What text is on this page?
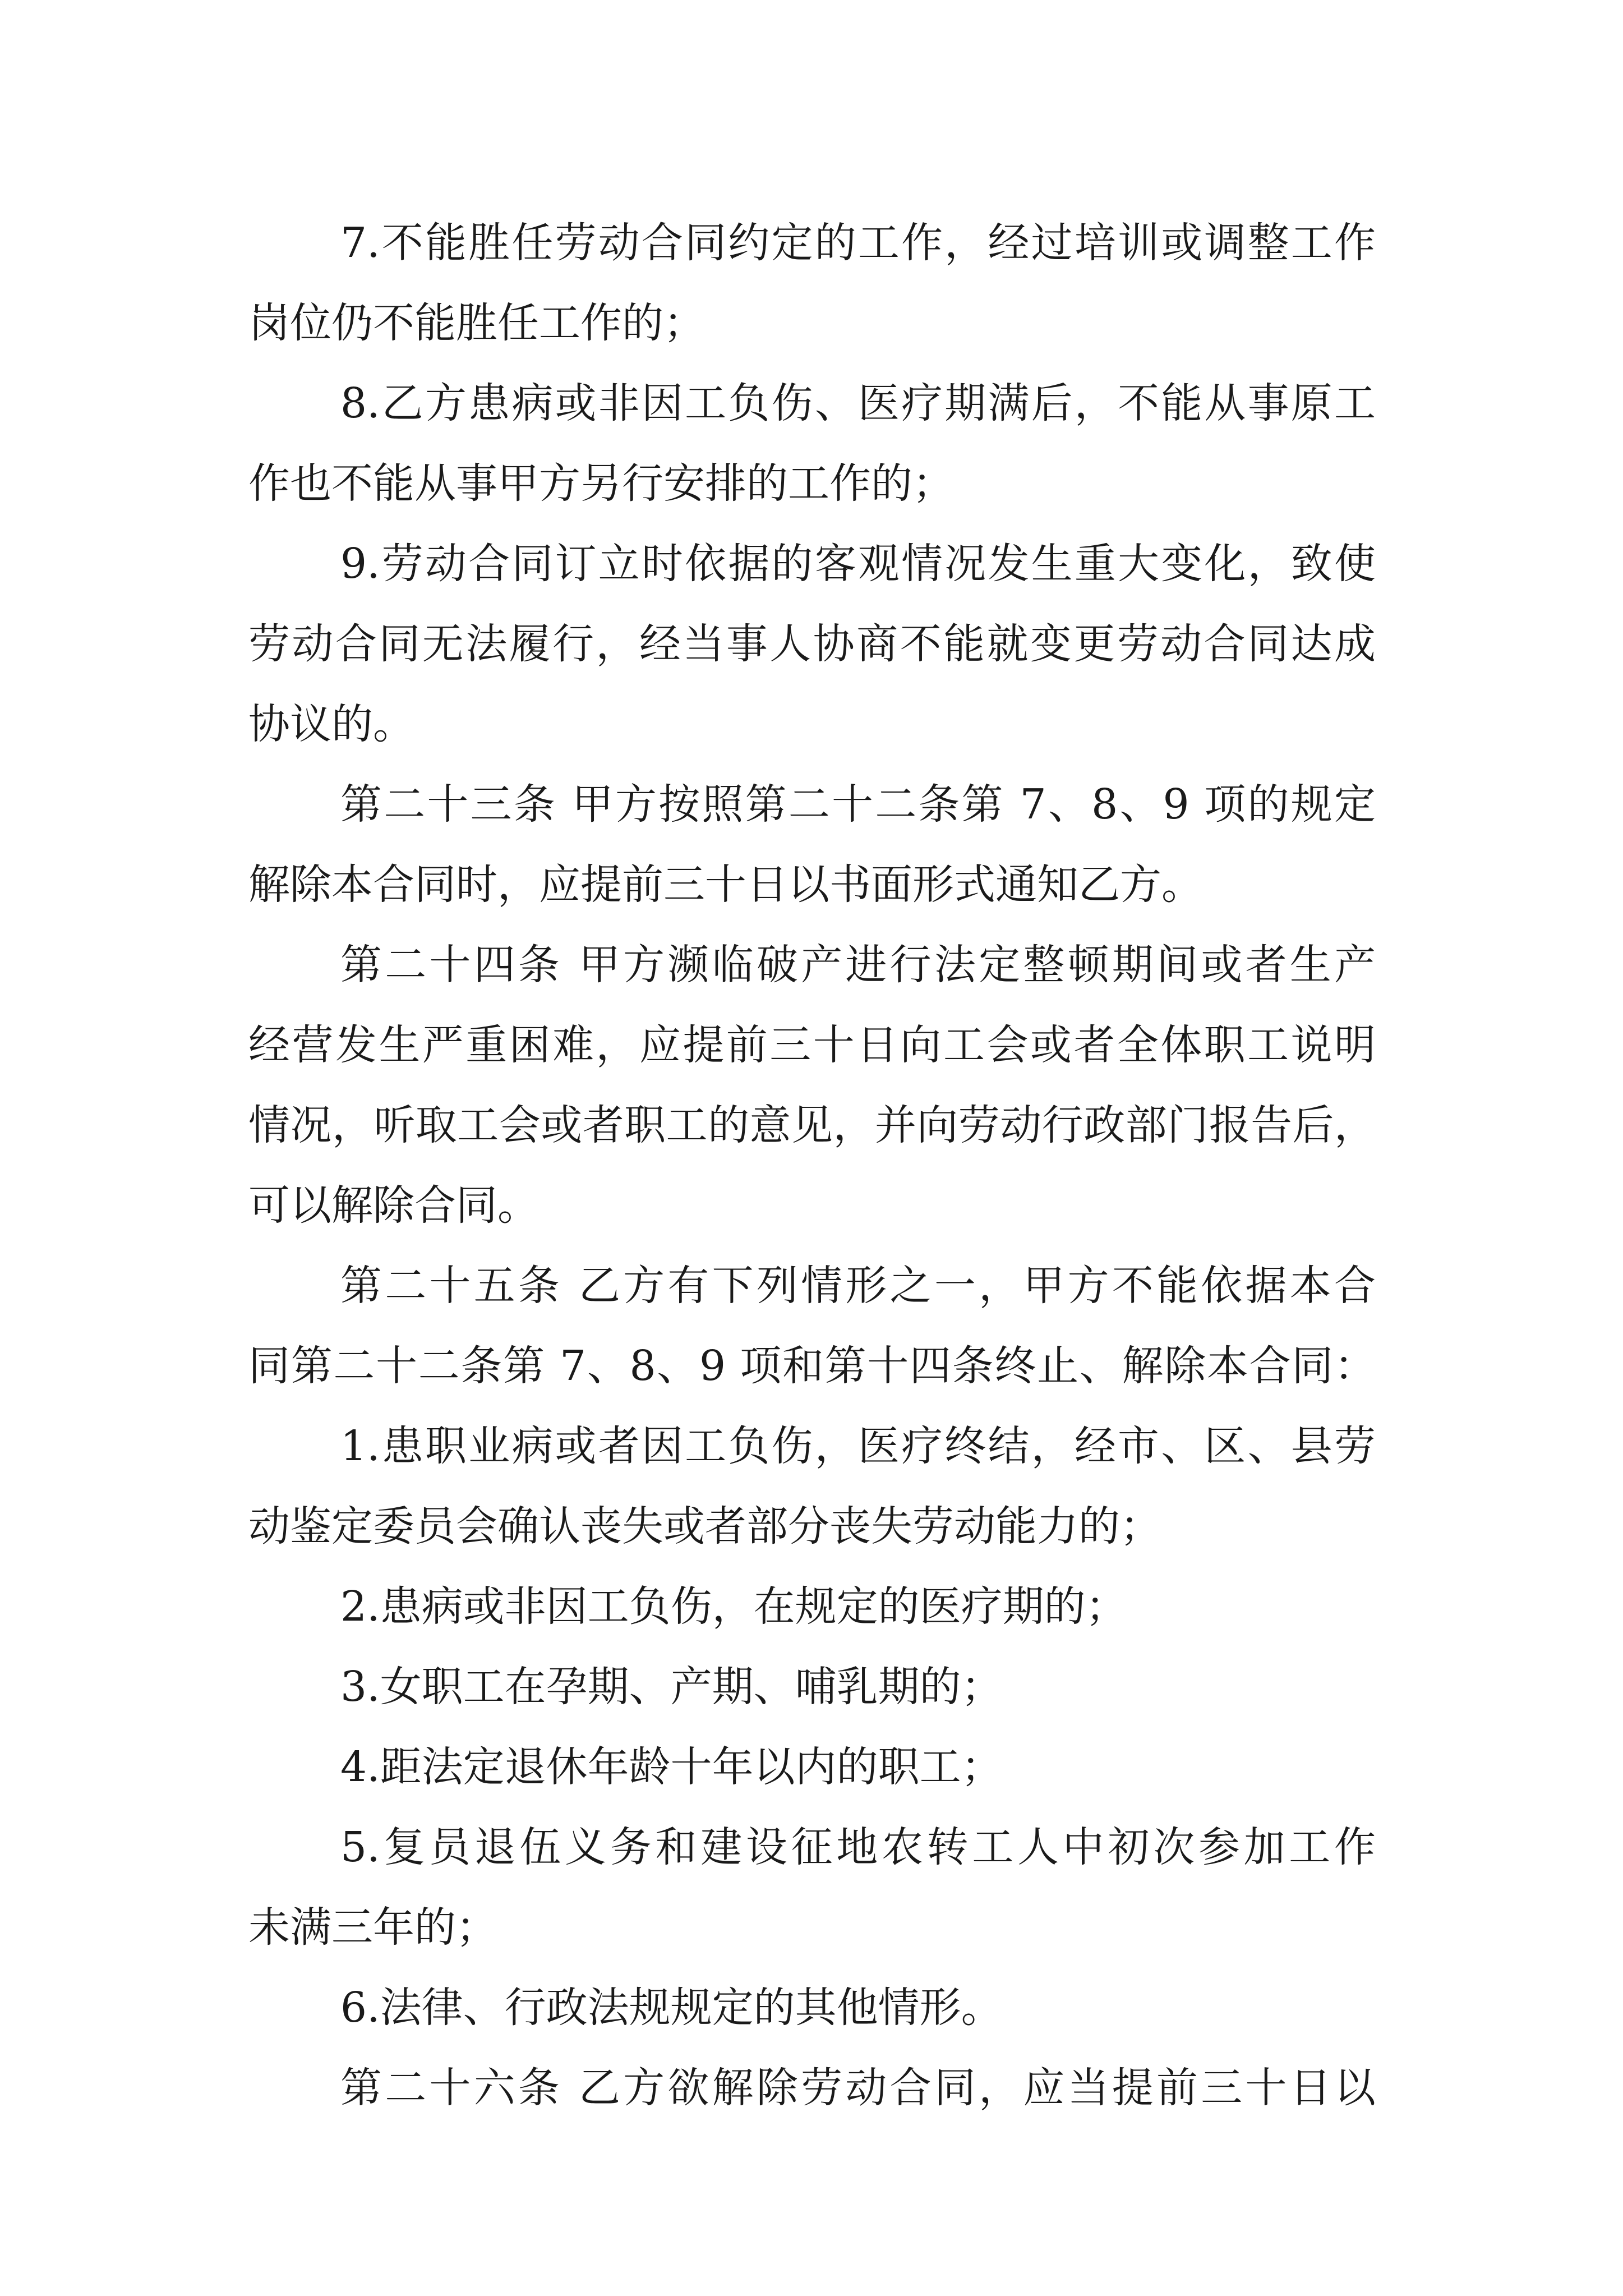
7.不能胜任劳动合同约定的工作，经过培训或调整工作
岗位仍不能胜任工作的；
8.乙方患病或非因工负伤、医疗期满后，不能从事原工
作也不能从事甲方另行安排的工作的；
9.劳动合同订立时依据的客观情况发生重大变化，致使
劳动合同无法履行，经当事人协商不能就变更劳动合同达成
协议的。
第二十三条 甲方按照第二十二条第 7、8、9 项的规定
解除本合同时，应提前三十日以书面形式通知乙方。
第二十四条 甲方濒临破产进行法定整顿期间或者生产
经营发生严重困难，应提前三十日向工会或者全体职工说明
情况，听取工会或者职工的意见，并向劳动行政部门报告后，
可以解除合同。
第二十五条 乙方有下列情形之一，甲方不能依据本合
同第二十二条第 7、8、9 项和第十四条终止、解除本合同：
1.患职业病或者因工负伤，医疗终结，经市、区、县劳
动鉴定委员会确认丧失或者部分丧失劳动能力的；
2.患病或非因工负伤，在规定的医疗期的；
3.女职工在孕期、产期、哺乳期的；
4.距法定退休年龄十年以内的职工；
5.复员退伍义务和建设征地农转工人中初次参加工作
未满三年的；
6.法律、行政法规规定的其他情形。
第二十六条 乙方欲解除劳动合同，应当提前三十日以
